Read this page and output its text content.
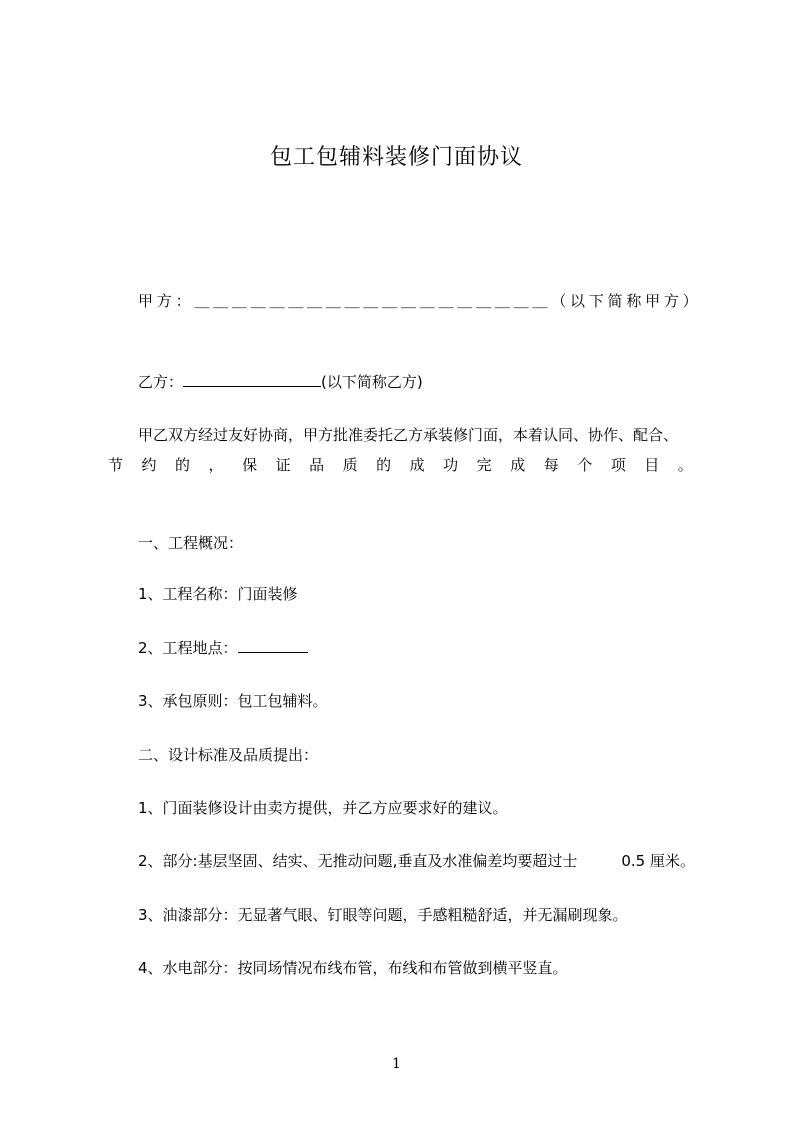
包工包辅料装修门面协议
甲 方 ： ＿ ＿ ＿ ＿ ＿ ＿ ＿ ＿ ＿ ＿ ＿ ＿ ＿ ＿ ＿ ＿ ＿ ＿ ＿ （ 以 下 简 称 甲 方 ）
乙方：	(以下简称乙方)
甲乙双方经过友好协商，甲方批准委托乙方承装修门面，本着认同、协作、配合、
节 约 的 ， 保 证 品 质 的 成 功 完 成 每 个 项 目 。
一、工程概况：
1、工程名称：门面装修
2、工程地点：
3、承包原则：包工包辅料。
二、设计标准及品质提出：
1、门面装修设计由卖方提供，并乙方应要求好的建议。
2、部分:基层坚固、结实、无推动问题,垂直及水准偏差均要超过士	0.5 厘米。
3、油漆部分：无显著气眼、钉眼等问题，手感粗糙舒适，并无漏刷现象。
4、水电部分：按同场情况布线布管，布线和布管做到横平竖直。
1
